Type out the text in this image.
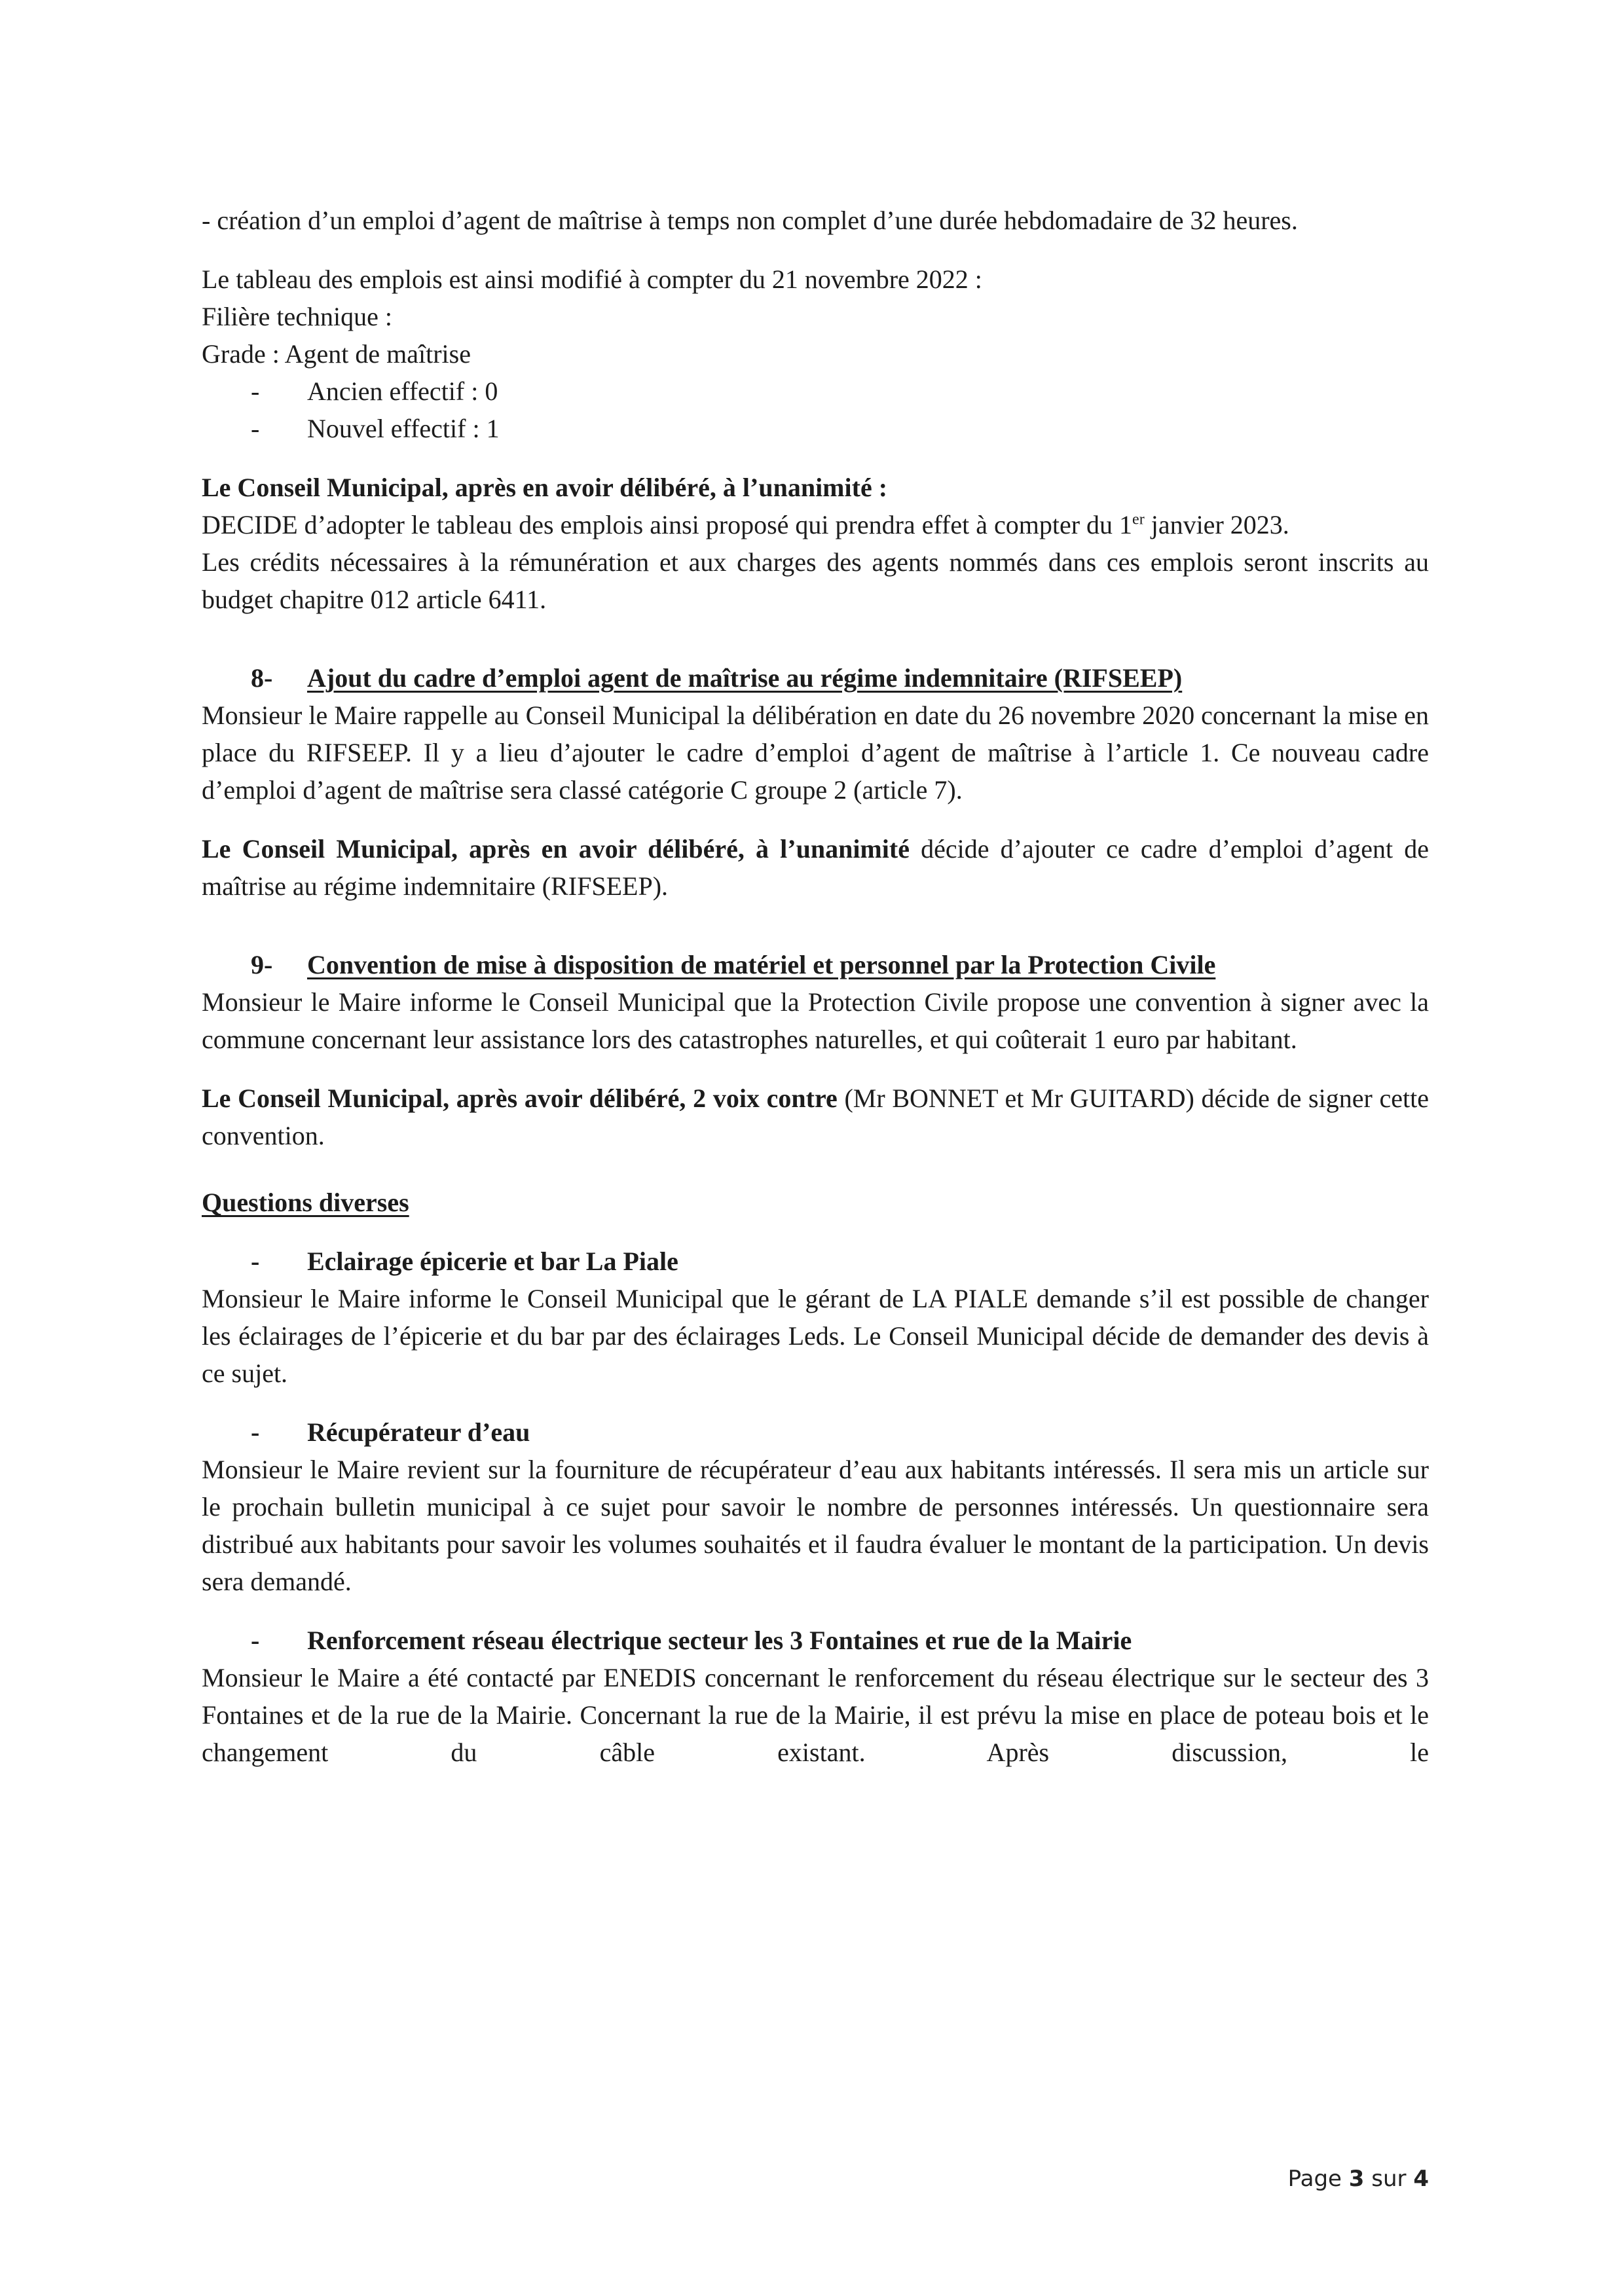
- création d’un emploi d’agent de maîtrise à temps non complet d’une durée hebdomadaire de 32 heures.

Le tableau des emplois est ainsi modifié à compter du 21 novembre 2022 :

Filière technique :

Grade : Agent de maîtrise

- Ancien effectif : 0

- Nouvel effectif : 1

Le Conseil Municipal, après en avoir délibéré, à l’unanimité :

DECIDE d’adopter le tableau des emplois ainsi proposé qui prendra effet à compter du 1er janvier 2023.

Les crédits nécessaires à la rémunération et aux charges des agents nommés dans ces emplois seront inscrits au budget chapitre 012 article 6411.

8- Ajout du cadre d’emploi agent de maîtrise au régime indemnitaire (RIFSEEP)

Monsieur le Maire rappelle au Conseil Municipal la délibération en date du 26 novembre 2020 concernant la mise en place du RIFSEEP. Il y a lieu d’ajouter le cadre d’emploi d’agent de maîtrise à l’article 1. Ce nouveau cadre d’emploi d’agent de maîtrise sera classé catégorie C groupe 2 (article 7).

Le Conseil Municipal, après en avoir délibéré, à l’unanimité décide d’ajouter ce cadre d’emploi d’agent de maîtrise au régime indemnitaire (RIFSEEP).

9- Convention de mise à disposition de matériel et personnel par la Protection Civile

Monsieur le Maire informe le Conseil Municipal que la Protection Civile propose une convention à signer avec la commune concernant leur assistance lors des catastrophes naturelles, et qui coûterait 1 euro par habitant.

Le Conseil Municipal, après avoir délibéré, 2 voix contre (Mr BONNET et Mr GUITARD) décide de signer cette convention.

Questions diverses

- Eclairage épicerie et bar La Piale

Monsieur le Maire informe le Conseil Municipal que le gérant de LA PIALE demande s’il est possible de changer les éclairages de l’épicerie et du bar par des éclairages Leds. Le Conseil Municipal décide de demander des devis à ce sujet.

- Récupérateur d’eau

Monsieur le Maire revient sur la fourniture de récupérateur d’eau aux habitants intéressés. Il sera mis un article sur le prochain bulletin municipal à ce sujet pour savoir le nombre de personnes intéressés. Un questionnaire sera distribué aux habitants pour savoir les volumes souhaités et il faudra évaluer le montant de la participation. Un devis sera demandé.

- Renforcement réseau électrique secteur les 3 Fontaines et rue de la Mairie

Monsieur le Maire a été contacté par ENEDIS concernant le renforcement du réseau électrique sur le secteur des 3 Fontaines et de la rue de la Mairie. Concernant la rue de la Mairie, il est prévu la mise en place de poteau bois et le changement du câble existant. Après discussion, le

Page 3 sur 4
